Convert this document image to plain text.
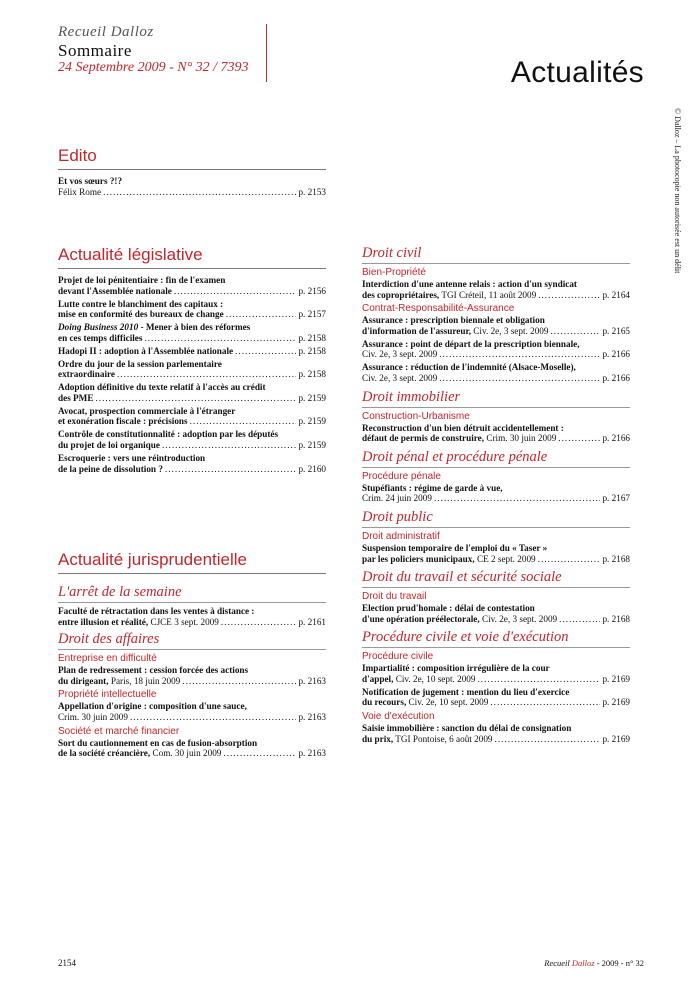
Recueil Dalloz
Sommaire
24 Septembre 2009 - N° 32 / 7393	Actualités
© Dalloz – La photocopie non autorisée est un délit
Edito
Et vos sœurs ?!?
Félix Rome .....	p. 2153
Actualité législative
Projet de loi pénitentiaire : fin de l'examen
devant l'Assemblée nationale .....	p. 2156
Lutte contre le blanchiment des capitaux :
mise en conformité des bureaux de change .....	p. 2157
Doing Business 2010 - Mener à bien des réformes
en ces temps difficiles .....	p. 2158
Hadopi II : adoption à l'Assemblée nationale .....	p. 2158
Ordre du jour de la session parlementaire
extraordinaire .....	p. 2158
Adoption définitive du texte relatif à l'accès au crédit
des PME .....	p. 2159
Avocat, prospection commerciale à l'étranger
et exonération fiscale : précisions .....	p. 2159
Contrôle de constitutionnalité : adoption par les députés
du projet de loi organique .....	p. 2159
Escroquerie : vers une réintroduction
de la peine de dissolution ? .....	p. 2160
Actualité jurisprudentielle
L'arrêt de la semaine
Faculté de rétractation dans les ventes à distance :
entre illusion et réalité, CJCE 3 sept. 2009 .....	p. 2161
Droit des affaires
Entreprise en difficulté
Plan de redressement : cession forcée des actions
du dirigeant, Paris, 18 juin 2009 .....	p. 2163
Propriété intellectuelle
Appellation d'origine : composition d'une sauce,
Crim. 30 juin 2009 .....	p. 2163
Société et marché financier
Sort du cautionnement en cas de fusion-absorption
de la société créancière, Com. 30 juin 2009 .....	p. 2163
Droit civil
Bien-Propriété
Interdiction d'une antenne relais : action d'un syndicat
des copropriétaires, TGI Créteil, 11 août 2009 .....	p. 2164
Contrat-Responsabilité-Assurance
Assurance : prescription biennale et obligation
d'information de l'assureur, Civ. 2e, 3 sept. 2009 .....	p. 2165
Assurance : point de départ de la prescription biennale,
Civ. 2e, 3 sept. 2009 .....	p. 2166
Assurance : réduction de l'indemnité (Alsace-Moselle),
Civ. 2e, 3 sept. 2009 .....	p. 2166
Droit immobilier
Construction-Urbanisme
Reconstruction d'un bien détruit accidentellement :
défaut de permis de construire, Crim. 30 juin 2009 .....	p. 2166
Droit pénal et procédure pénale
Procédure pénale
Stupéfiants : régime de garde à vue,
Crim. 24 juin 2009 .....	p. 2167
Droit public
Droit administratif
Suspension temporaire de l'emploi du « Taser »
par les policiers municipaux, CE 2 sept. 2009 .....	p. 2168
Droit du travail et sécurité sociale
Droit du travail
Election prud'homale : délai de contestation
d'une opération préélectorale, Civ. 2e, 3 sept. 2009 .....	p. 2168
Procédure civile et voie d'exécution
Procédure civile
Impartialité : composition irrégulière de la cour
d'appel, Civ. 2e, 10 sept. 2009 .....	p. 2169
Notification de jugement : mention du lieu d'exercice
du recours, Civ. 2e, 10 sept. 2009 .....	p. 2169
Voie d'exécution
Saisie immobilière : sanction du délai de consignation
du prix, TGI Pontoise, 6 août 2009 .....	p. 2169
2154	Recueil Dalloz - 2009 - n° 32
